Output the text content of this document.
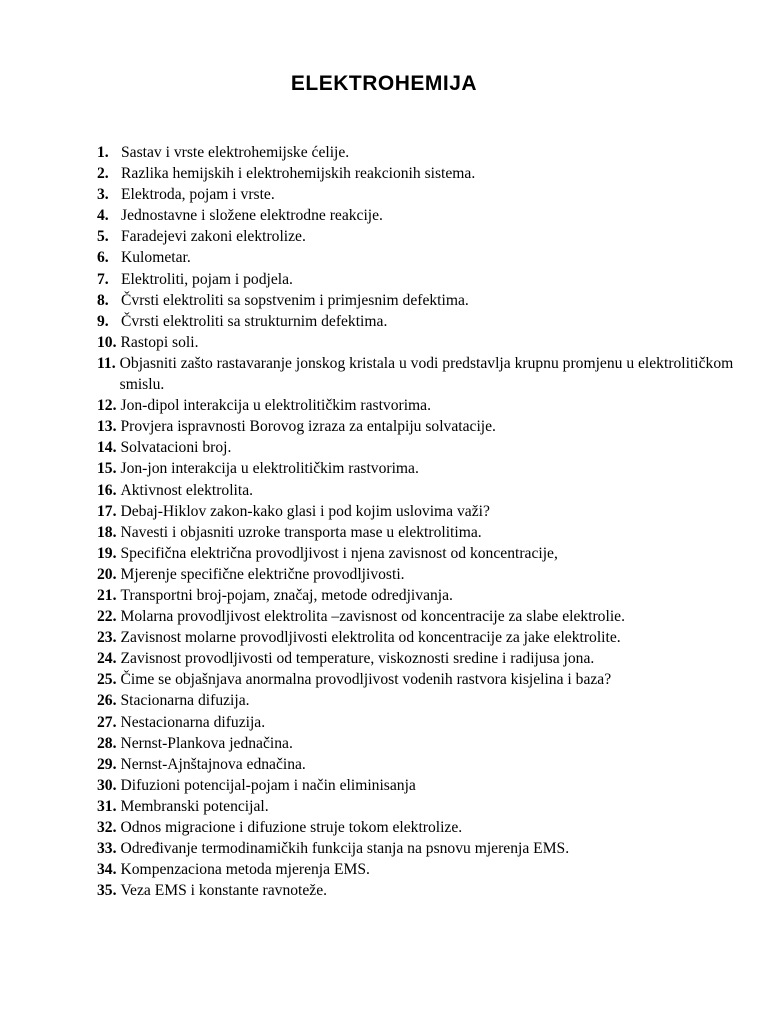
ELEKTROHEMIJA
1. Sastav i vrste elektrohemijske ćelije.
2. Razlika hemijskih i elektrohemijskih reakcionih sistema.
3. Elektroda, pojam i vrste.
4. Jednostavne i složene elektrodne reakcije.
5. Faradejevi zakoni elektrolize.
6. Kulometar.
7. Elektroliti, pojam i podjela.
8. Čvrsti elektroliti sa sopstvenim i primjesnim defektima.
9. Čvrsti elektroliti sa strukturnim defektima.
10. Rastopi soli.
11. Objasniti zašto rastavaranje jonskog kristala u vodi predstavlja krupnu promjenu u elektrolitičkom smislu.
12. Jon-dipol interakcija u elektrolitičkim rastvorima.
13. Provjera ispravnosti Borovog izraza za entalpiju solvatacije.
14. Solvatacioni broj.
15. Jon-jon interakcija u elektrolitičkim rastvorima.
16. Aktivnost elektrolita.
17. Debaj-Hiklov zakon-kako glasi i pod kojim uslovima važi?
18. Navesti i objasniti uzroke transporta mase u elektrolitima.
19. Specifična električna provodljivost i njena zavisnost od koncentracije,
20. Mjerenje specifične električne provodljivosti.
21. Transportni broj-pojam, značaj, metode odredjivanja.
22. Molarna provodljivost elektrolita –zavisnost od koncentracije za slabe elektrolie.
23. Zavisnost molarne provodljivosti elektrolita od koncentracije za jake elektrolite.
24. Zavisnost provodljivosti od temperature, viskoznosti sredine i radijusa jona.
25. Čime se objašnjava anormalna provodljivost vodenih rastvora kisjelina i baza?
26. Stacionarna difuzija.
27. Nestacionarna difuzija.
28. Nernst-Plankova jednačina.
29. Nernst-Ajnštajnova ednačina.
30. Difuzioni potencijal-pojam i način eliminisanja
31. Membranski potencijal.
32. Odnos migracione i difuzione struje tokom elektrolize.
33. Određivanje termodinamičkih funkcija stanja na psnovu mjerenja EMS.
34. Kompenzaciona metoda mjerenja EMS.
35. Veza EMS i konstante ravnoteže.
